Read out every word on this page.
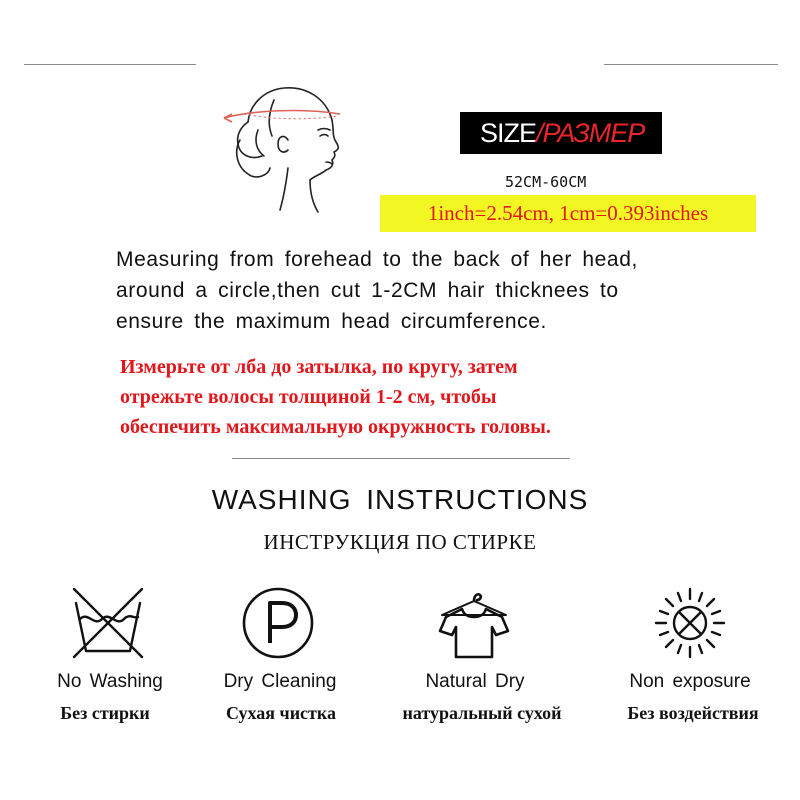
SIZE/РАЗМЕР
52CM-60CM
1inch=2.54cm, 1cm=0.393inches
Measuring from forehead to the back of her head,
around a circle,then cut 1-2CM hair thicknees to
ensure the maximum head circumference.
Измерьте от лба до затылка, по кругу, затем
отрежьте волосы толщиной 1-2 см, чтобы
обеспечить максимальную окружность головы.
WASHING INSTRUCTIONS
ИНСТРУКЦИЯ ПО СТИРКЕ
No Washing
Без стирки
Dry Cleaning
Сухая чистка
Natural Dry
натуральный сухой
Non exposure
Без воздействия
